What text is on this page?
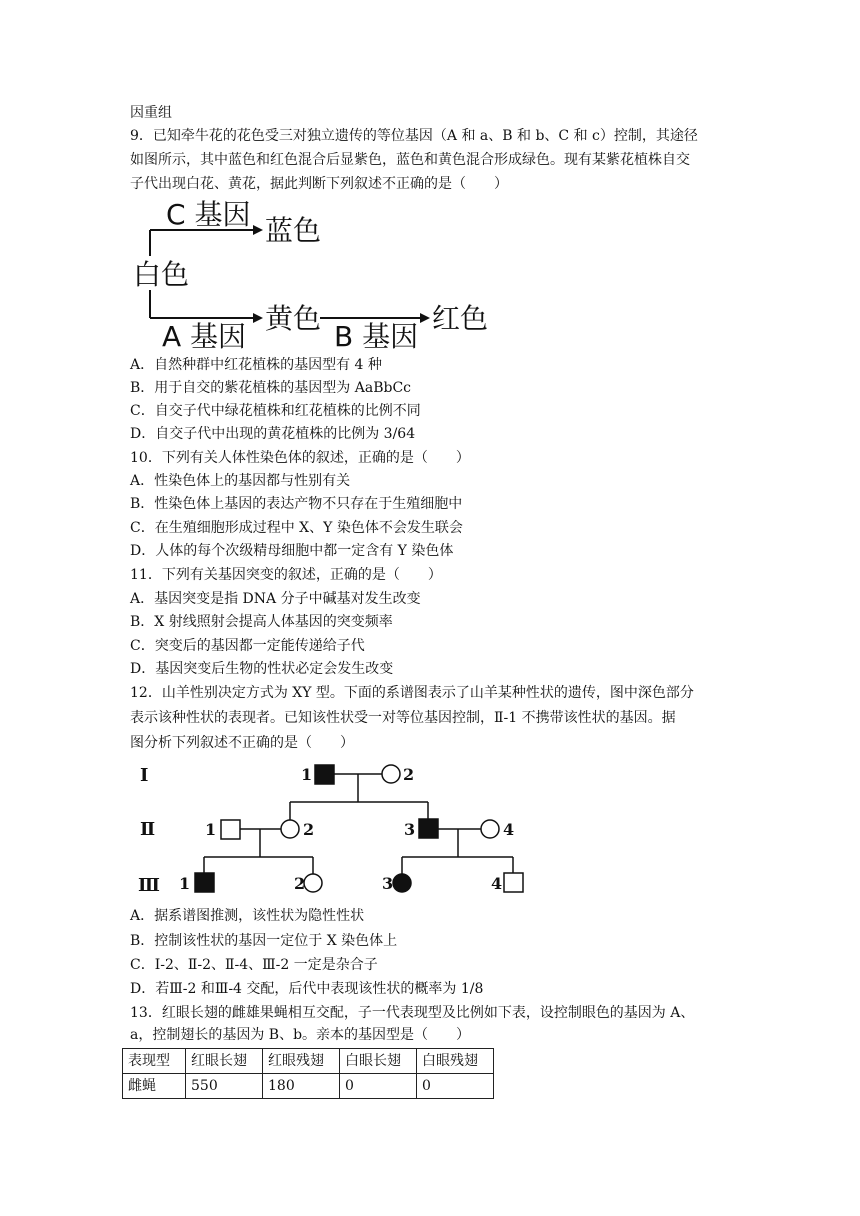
因重组
9．已知牵牛花的花色受三对独立遗传的等位基因（A 和 a、B 和 b、C 和 c）控制，其途径
如图所示，其中蓝色和红色混合后显紫色，蓝色和黄色混合形成绿色。现有某紫花植株自交
子代出现白花、黄花，据此判断下列叙述不正确的是（　　）
C 基因 蓝色
白色
黄色
A 基因	B 基因
红色
A．自然种群中红花植株的基因型有 4 种
B．用于自交的紫花植株的基因型为 AaBbCc
C．自交子代中绿花植株和红花植株的比例不同
D．自交子代中出现的黄花植株的比例为 3/64
10．下列有关人体性染色体的叙述，正确的是（　　）
A．性染色体上的基因都与性别有关
B．性染色体上基因的表达产物不只存在于生殖细胞中
C．在生殖细胞形成过程中 X、Y 染色体不会发生联会
D．人体的每个次级精母细胞中都一定含有 Y 染色体
11．下列有关基因突变的叙述，正确的是（　　）
A．基因突变是指 DNA 分子中碱基对发生改变
B．X 射线照射会提高人体基因的突变频率
C．突变后的基因都一定能传递给子代
D．基因突变后生物的性状必定会发生改变
12．山羊性别决定方式为 XY 型。下面的系谱图表示了山羊某种性状的遗传，图中深色部分
表示该种性状的表现者。已知该性状受一对等位基因控制，Ⅱ-1 不携带该性状的基因。据
图分析下列叙述不正确的是（　　）
Ⅰ
Ⅱ
Ⅲ
1	2
1	2	3	4
1	2	3	4
A．据系谱图推测，该性状为隐性性状
B．控制该性状的基因一定位于 X 染色体上
C．Ⅰ-2、Ⅱ-2、Ⅱ-4、Ⅲ-2 一定是杂合子
D．若Ⅲ-2 和Ⅲ-4 交配，后代中表现该性状的概率为 1/8
13．红眼长翅的雌雄果蝇相互交配，子一代表现型及比例如下表，设控制眼色的基因为 A、
a，控制翅长的基因为 B、b。亲本的基因型是（　　）
表现型	红眼长翅	红眼残翅	白眼长翅	白眼残翅
雌蝇	550	180	0	0
